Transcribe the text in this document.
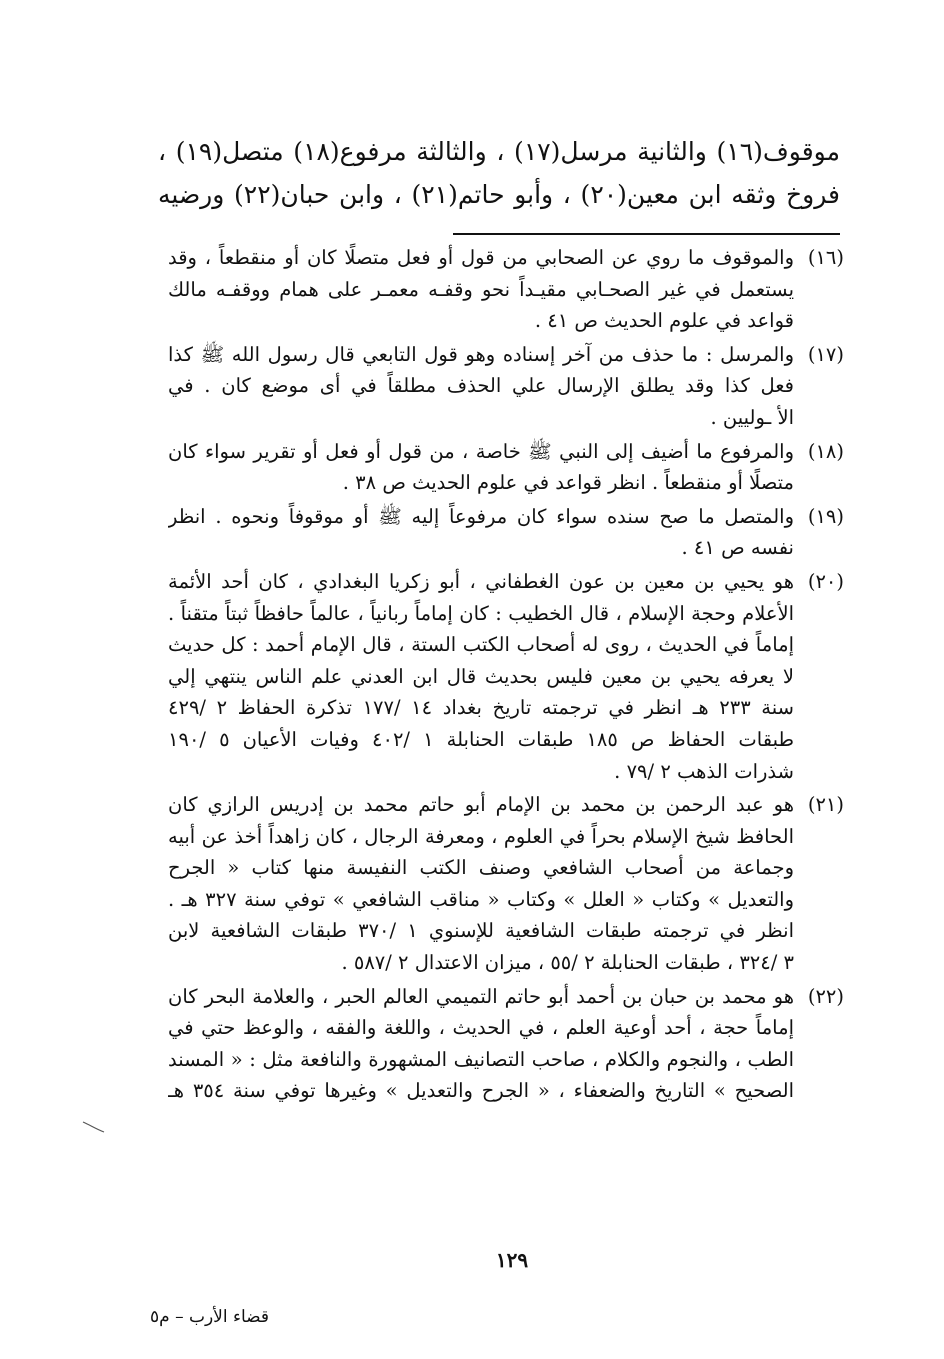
موقوف(١٦) والثانية مرسل(١٧) ، والثالثة مرفوع(١٨) متصل(١٩) ،
فروخ وثقه ابن معين(٢٠) ، وأبو حاتم(٢١) ، وابن حبان(٢٢) ورضيه
(١٦)
والموقوف ما روي عن الصحابي من قول أو فعل متصلًا كان أو منقطعاً ، وقد
يستعمل في غير الصحـابي مقيـداً نحو وقفـه معمـر على همام ووقفـه مالك
قواعد في علوم الحديث ص ٤١ .
(١٧)
والمرسل : ما حذف من آخر إسناده وهو قول التابعي قال رسول الله ﷺ كذا
فعل كذا وقد يطلق الإرسال علي الحذف مطلقاً في أى موضع كان . في
الأ ـوليين .
(١٨)
والمرفوع ما أضيف إلى النبي ﷺ خاصة ، من قول أو فعل أو تقرير سواء كان
متصلًا أو منقطعاً . انظر قواعد في علوم الحديث ص ٣٨ .
(١٩)
والمتصل ما صح سنده سواء كان مرفوعاً إليه ﷺ أو موقوفاً ونحوه . انظر
نفسه ص ٤١ .
(٢٠)
هو يحيي بن معين بن عون الغطفاني ، أبو زكريا البغدادي ، كان أحد الأئمة
الأعلام وحجة الإسلام ، قال الخطيب : كان إماماً ربانياً ، عالماً حافظاً ثبتاً متقناً .
إماماً في الحديث ، روى له أصحاب الكتب الستة ، قال الإمام أحمد : كل حديث
لا يعرفه يحيي بن معين فليس بحديث قال ابن العدني علم الناس ينتهي إلي
سنة ٢٣٣ هـ انظر في ترجمته تاريخ بغداد ١٤ /١٧٧ تذكرة الحفاظ ٢ /٤٢٩
طبقات الحفاظ ص ١٨٥ طبقات الحنابلة ١ /٤٠٢ وفيات الأعيان ٥ /١٩٠
شذرات الذهب ٢ /٧٩ .
(٢١)
هو عبد الرحمن بن محمد بن الإمام أبو حاتم محمد بن إدريس الرازي كان
الحافظ شيخ الإسلام بحراً في العلوم ، ومعرفة الرجال ، كان زاهداً أخذ عن أبيه
وجماعة من أصحاب الشافعي وصنف الكتب النفيسة منها كتاب « الجرح
والتعديل » وكتاب « العلل » وكتاب « مناقب الشافعي » توفي سنة ٣٢٧ هـ .
انظر في ترجمته طبقات الشافعية للإسنوي ١ /٣٧٠ طبقات الشافعية لابن
٣ /٣٢٤ ، طبقات الحنابلة ٢ /٥٥ ، ميزان الاعتدال ٢ /٥٨٧ .
(٢٢)
هو محمد بن حبان بن أحمد أبو حاتم التميمي العالم الحبر ، والعلامة البحر كان
إماماً حجة ، أحد أوعية العلم ، في الحديث ، واللغة والفقه ، والوعظ حتي في
الطب ، والنجوم والكلام ، صاحب التصانيف المشهورة والنافعة مثل : « المسند
الصحيح » التاريخ والضعفاء ، « الجرح والتعديل » وغيرها توفي سنة ٣٥٤ هـ
١٢٩
قضاء الأرب – م٥
